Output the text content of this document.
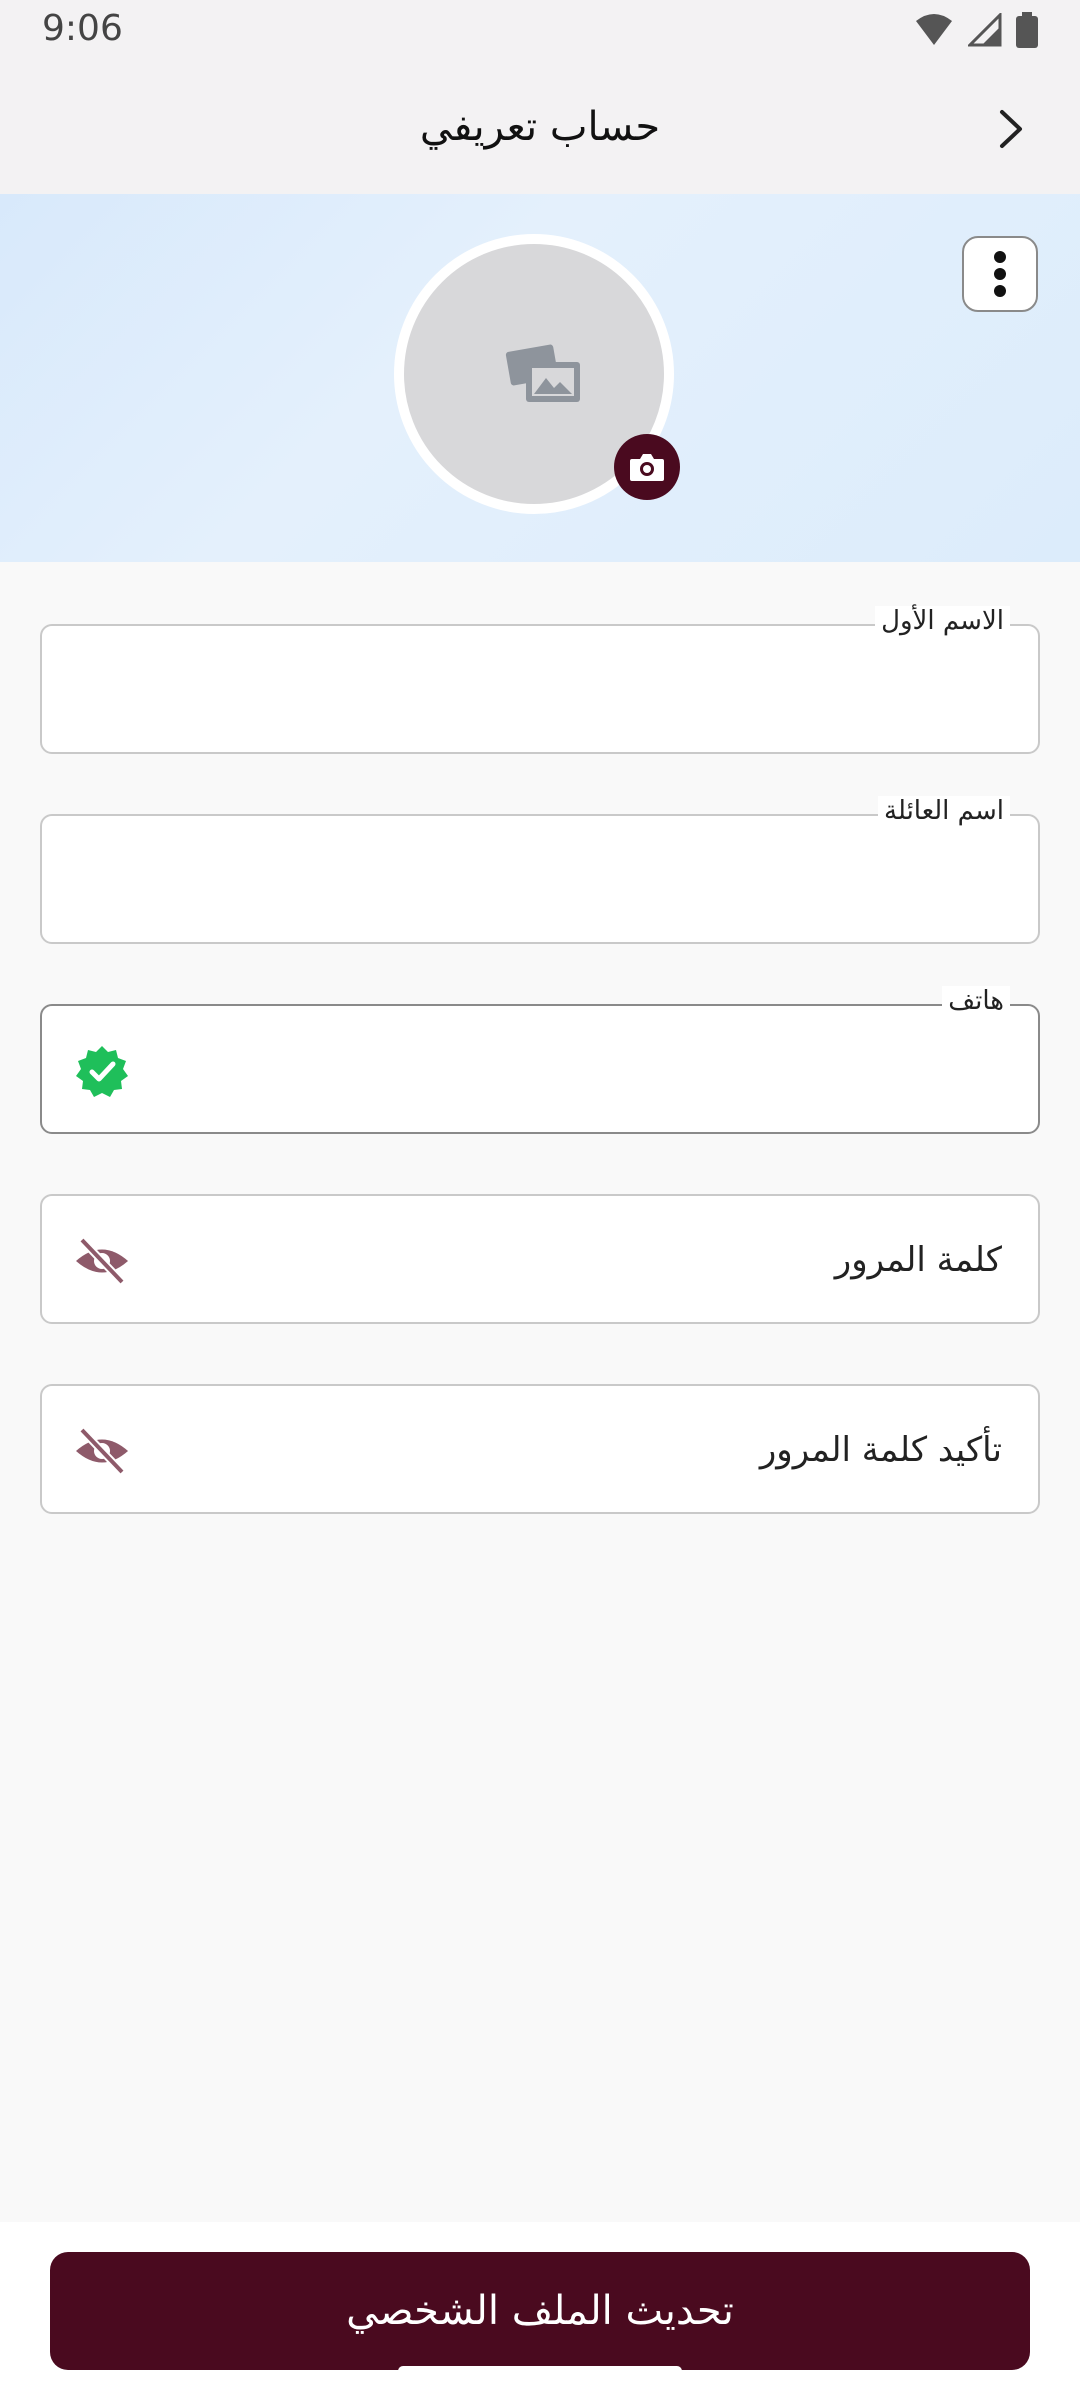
9:06
حساب تعريفي
الاسم الأول
اسم العائلة
هاتف
كلمة المرور
تأكيد كلمة المرور
تحديث الملف الشخصي
